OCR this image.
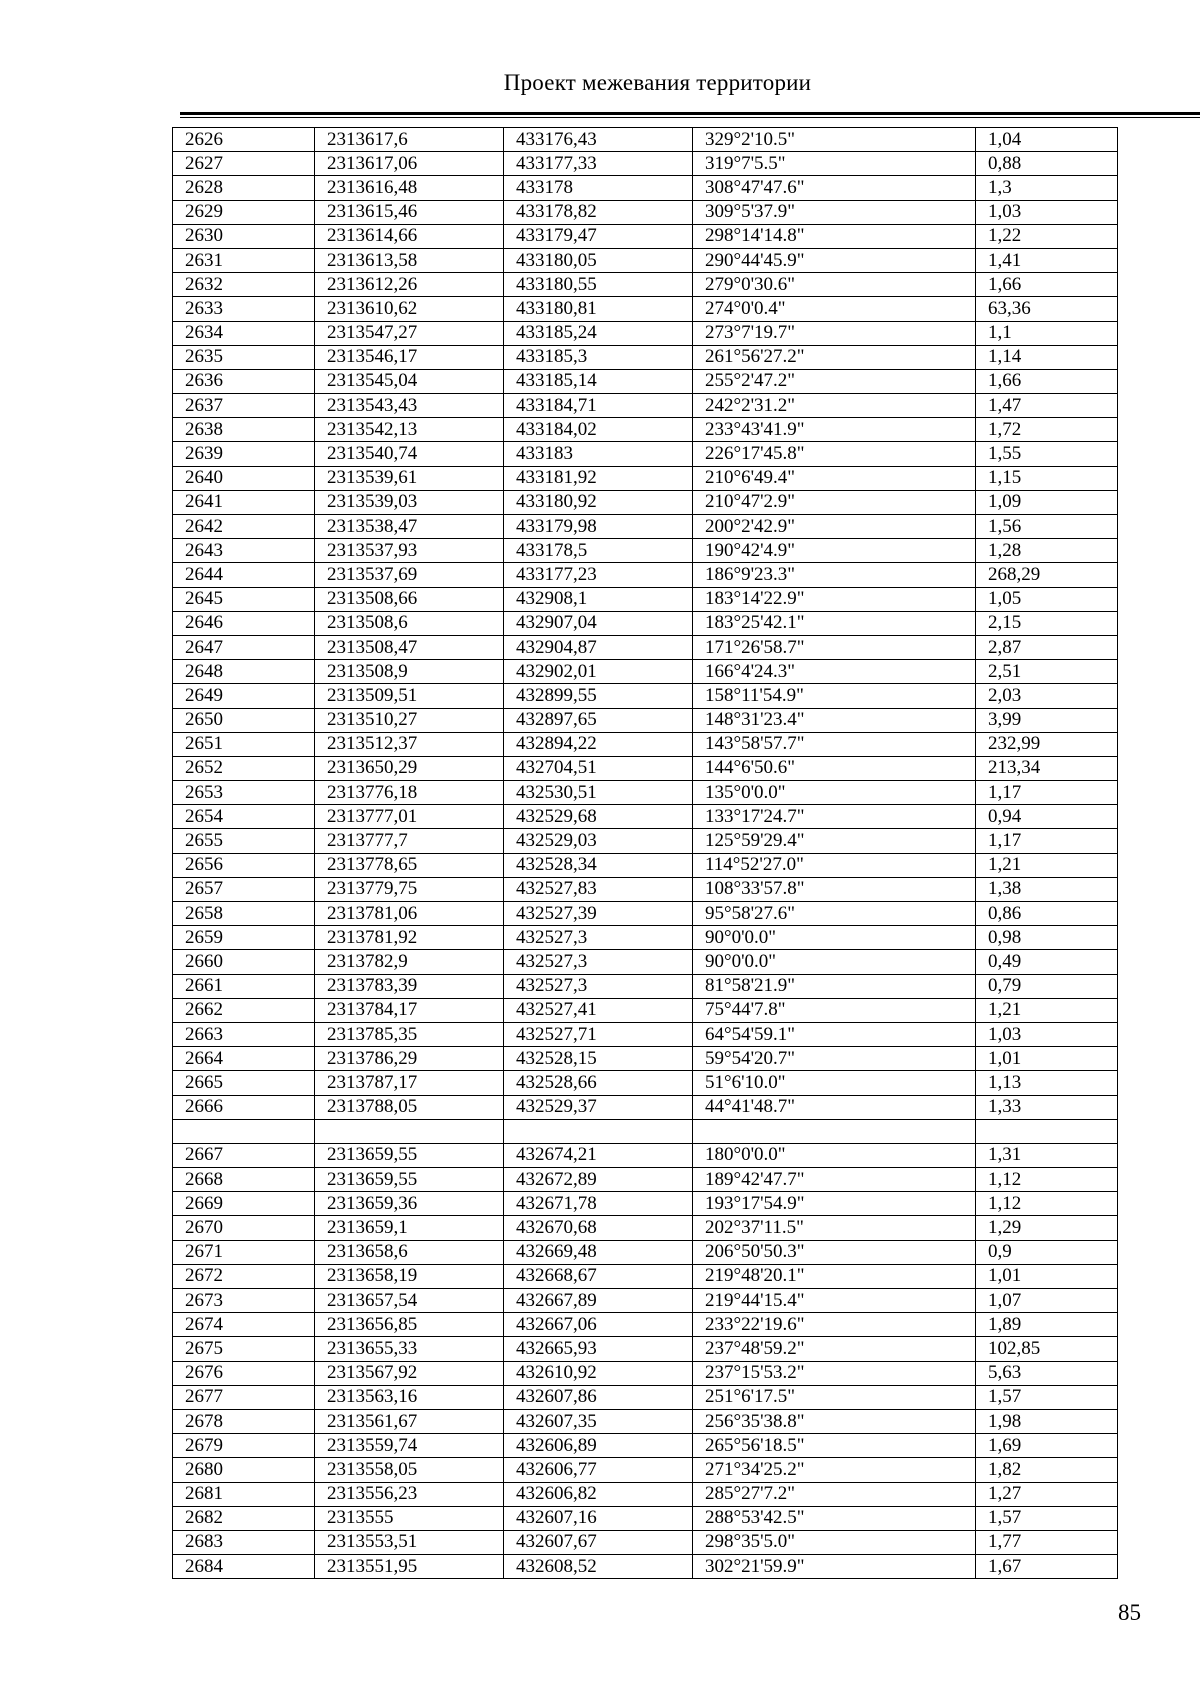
Проект межевания территории
2626	2313617,6	433176,43	329°2'10.5"	1,04
2627	2313617,06	433177,33	319°7'5.5"	0,88
2628	2313616,48	433178	308°47'47.6"	1,3
2629	2313615,46	433178,82	309°5'37.9"	1,03
2630	2313614,66	433179,47	298°14'14.8"	1,22
2631	2313613,58	433180,05	290°44'45.9"	1,41
2632	2313612,26	433180,55	279°0'30.6"	1,66
2633	2313610,62	433180,81	274°0'0.4"	63,36
2634	2313547,27	433185,24	273°7'19.7"	1,1
2635	2313546,17	433185,3	261°56'27.2"	1,14
2636	2313545,04	433185,14	255°2'47.2"	1,66
2637	2313543,43	433184,71	242°2'31.2"	1,47
2638	2313542,13	433184,02	233°43'41.9"	1,72
2639	2313540,74	433183	226°17'45.8"	1,55
2640	2313539,61	433181,92	210°6'49.4"	1,15
2641	2313539,03	433180,92	210°47'2.9"	1,09
2642	2313538,47	433179,98	200°2'42.9"	1,56
2643	2313537,93	433178,5	190°42'4.9"	1,28
2644	2313537,69	433177,23	186°9'23.3"	268,29
2645	2313508,66	432908,1	183°14'22.9"	1,05
2646	2313508,6	432907,04	183°25'42.1"	2,15
2647	2313508,47	432904,87	171°26'58.7"	2,87
2648	2313508,9	432902,01	166°4'24.3"	2,51
2649	2313509,51	432899,55	158°11'54.9"	2,03
2650	2313510,27	432897,65	148°31'23.4"	3,99
2651	2313512,37	432894,22	143°58'57.7"	232,99
2652	2313650,29	432704,51	144°6'50.6"	213,34
2653	2313776,18	432530,51	135°0'0.0"	1,17
2654	2313777,01	432529,68	133°17'24.7"	0,94
2655	2313777,7	432529,03	125°59'29.4"	1,17
2656	2313778,65	432528,34	114°52'27.0"	1,21
2657	2313779,75	432527,83	108°33'57.8"	1,38
2658	2313781,06	432527,39	95°58'27.6"	0,86
2659	2313781,92	432527,3	90°0'0.0"	0,98
2660	2313782,9	432527,3	90°0'0.0"	0,49
2661	2313783,39	432527,3	81°58'21.9"	0,79
2662	2313784,17	432527,41	75°44'7.8"	1,21
2663	2313785,35	432527,71	64°54'59.1"	1,03
2664	2313786,29	432528,15	59°54'20.7"	1,01
2665	2313787,17	432528,66	51°6'10.0"	1,13
2666	2313788,05	432529,37	44°41'48.7"	1,33

2667	2313659,55	432674,21	180°0'0.0"	1,31
2668	2313659,55	432672,89	189°42'47.7"	1,12
2669	2313659,36	432671,78	193°17'54.9"	1,12
2670	2313659,1	432670,68	202°37'11.5"	1,29
2671	2313658,6	432669,48	206°50'50.3"	0,9
2672	2313658,19	432668,67	219°48'20.1"	1,01
2673	2313657,54	432667,89	219°44'15.4"	1,07
2674	2313656,85	432667,06	233°22'19.6"	1,89
2675	2313655,33	432665,93	237°48'59.2"	102,85
2676	2313567,92	432610,92	237°15'53.2"	5,63
2677	2313563,16	432607,86	251°6'17.5"	1,57
2678	2313561,67	432607,35	256°35'38.8"	1,98
2679	2313559,74	432606,89	265°56'18.5"	1,69
2680	2313558,05	432606,77	271°34'25.2"	1,82
2681	2313556,23	432606,82	285°27'7.2"	1,27
2682	2313555	432607,16	288°53'42.5"	1,57
2683	2313553,51	432607,67	298°35'5.0"	1,77
2684	2313551,95	432608,52	302°21'59.9"	1,67
85
